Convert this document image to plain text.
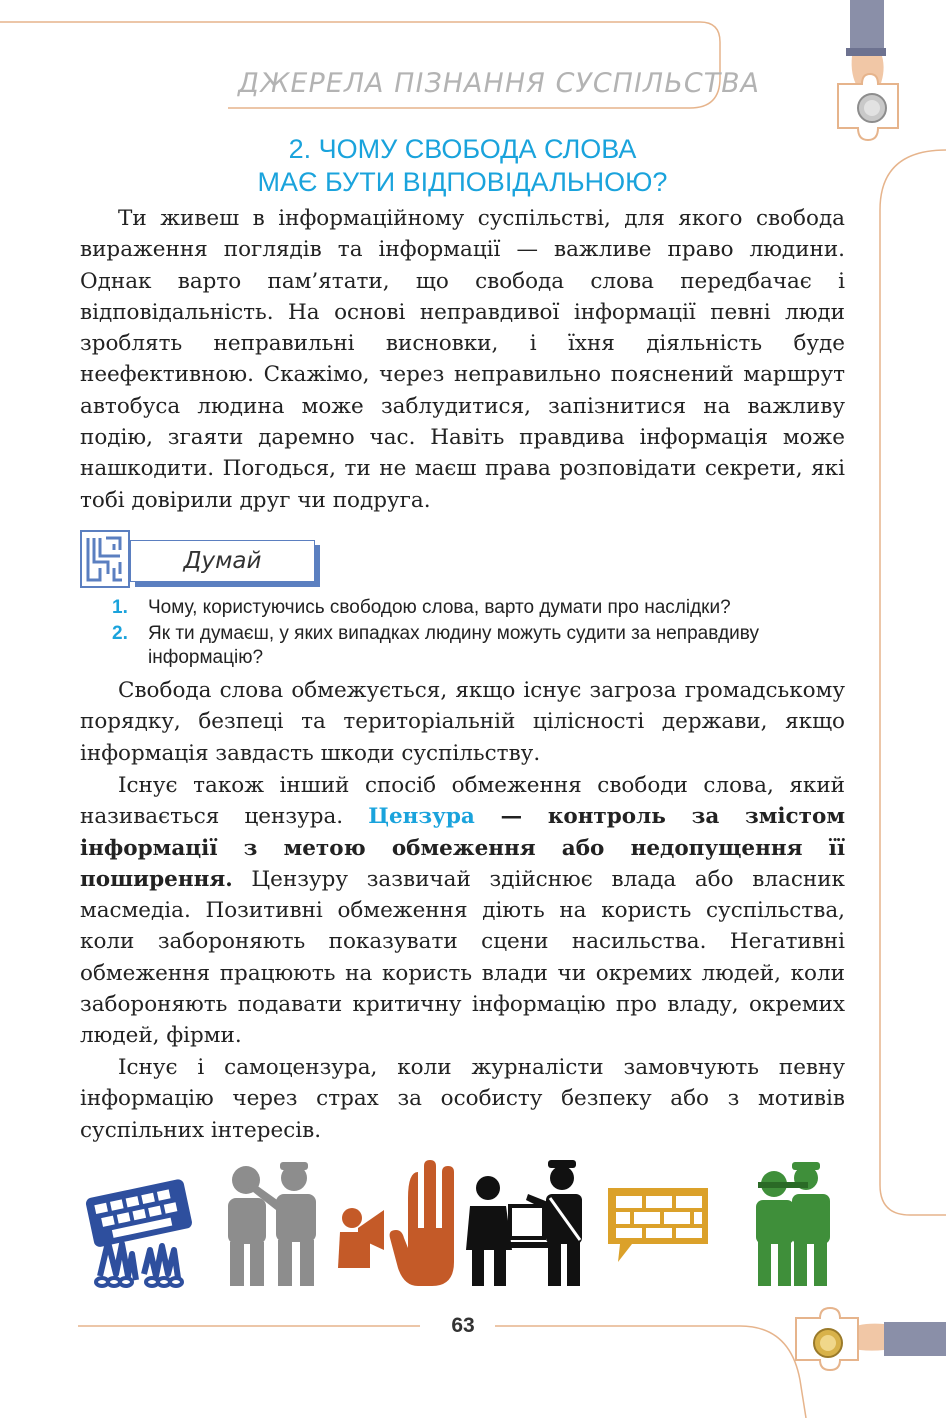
ДЖЕРЕЛА ПІЗНАННЯ СУСПІЛЬСТВА
2. ЧОМУ СВОБОДА СЛОВА
МАЄ БУТИ ВІДПОВІДАЛЬНОЮ?

Ти живеш в інформаційному суспільстві, для якого свобода вираження поглядів та інформації — важливе право людини. Однак варто пам’ятати, що свобода слова передбачає і відповідальність. На основі неправдивої інформації певні люди зроблять неправильні висновки, і їхня діяльність буде неефективною. Скажімо, через неправильно пояснений маршрут автобуса людина може заблудитися, запізнитися на важливу подію, згаяти даремно час. Навіть правдива інформація може нашкодити. Погодься, ти не маєш права розповідати секрети, які тобі довірили друг чи подруга.

Думай
1. Чому, користуючись свободою слова, варто думати про наслідки?
2. Як ти думаєш, у яких випадках людину можуть судити за неправдиву інформацію?

Свобода слова обмежується, якщо існує загроза громадському порядку, безпеці та територіальній цілісності держави, якщо інформація завдасть шкоди суспільству.

Існує також інший спосіб обмеження свободи слова, який називається цензура. Цензура — контроль за змістом інформації з метою обмеження або недопущення її поширення. Цензуру зазвичай здійснює влада або власник масмедіа. Позитивні обмеження діють на користь суспільства, коли забороняють показувати сцени насильства. Негативні обмеження працюють на користь влади чи окремих людей, коли забороняють подавати критичну інформацію про владу, окремих людей, фірми.

Існує і самоцензура, коли журналісти замовчують певну інформацію через страх за особисту безпеку або з мотивів суспільних інтересів.

63
